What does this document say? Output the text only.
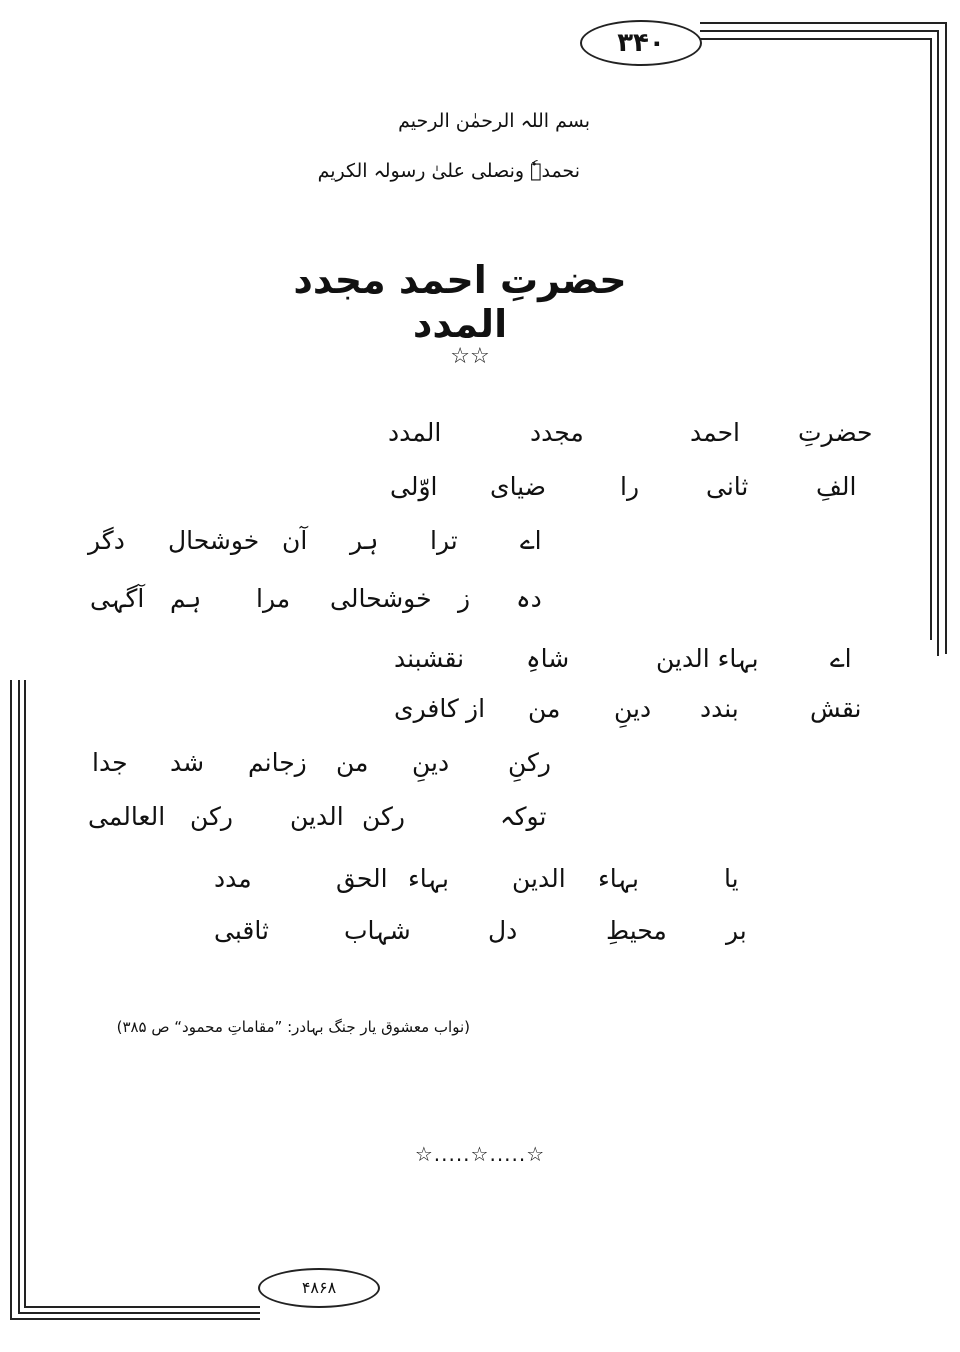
۳۴۰
۴۸۶۸
بسم اللہ الرحمٰن الرحیم
نحمدہٗ ونصلی علیٰ رسولہ الکریم
حضرتِ احمد مجدد المدد
☆☆
حضرتِ
احمد
مجدد
المدد
الفِ
ثانی
را
ضیای
اوّلی
اے
ترا
ہر
آن
خوشحال
دگر
دہ
ز
خوشحالی
مرا
ہم
آگہی
اے
بہاء الدین
شاہِ
نقشبند
نقش
بندد
دینِ
من
از
کافری
رکنِ
دینِ
من
زجانم
شد
جدا
توکہ
رکن
الدین
رکن
العالمی
یا
بہاء
الدین
بہاء
الحق
مدد
بر
محیطِ
دل
شہاب
ثاقبی
(نواب معشوق یار جنگ بہادر: ”مقاماتِ محمود“ ص ۳۸۵)
☆.....☆.....☆
